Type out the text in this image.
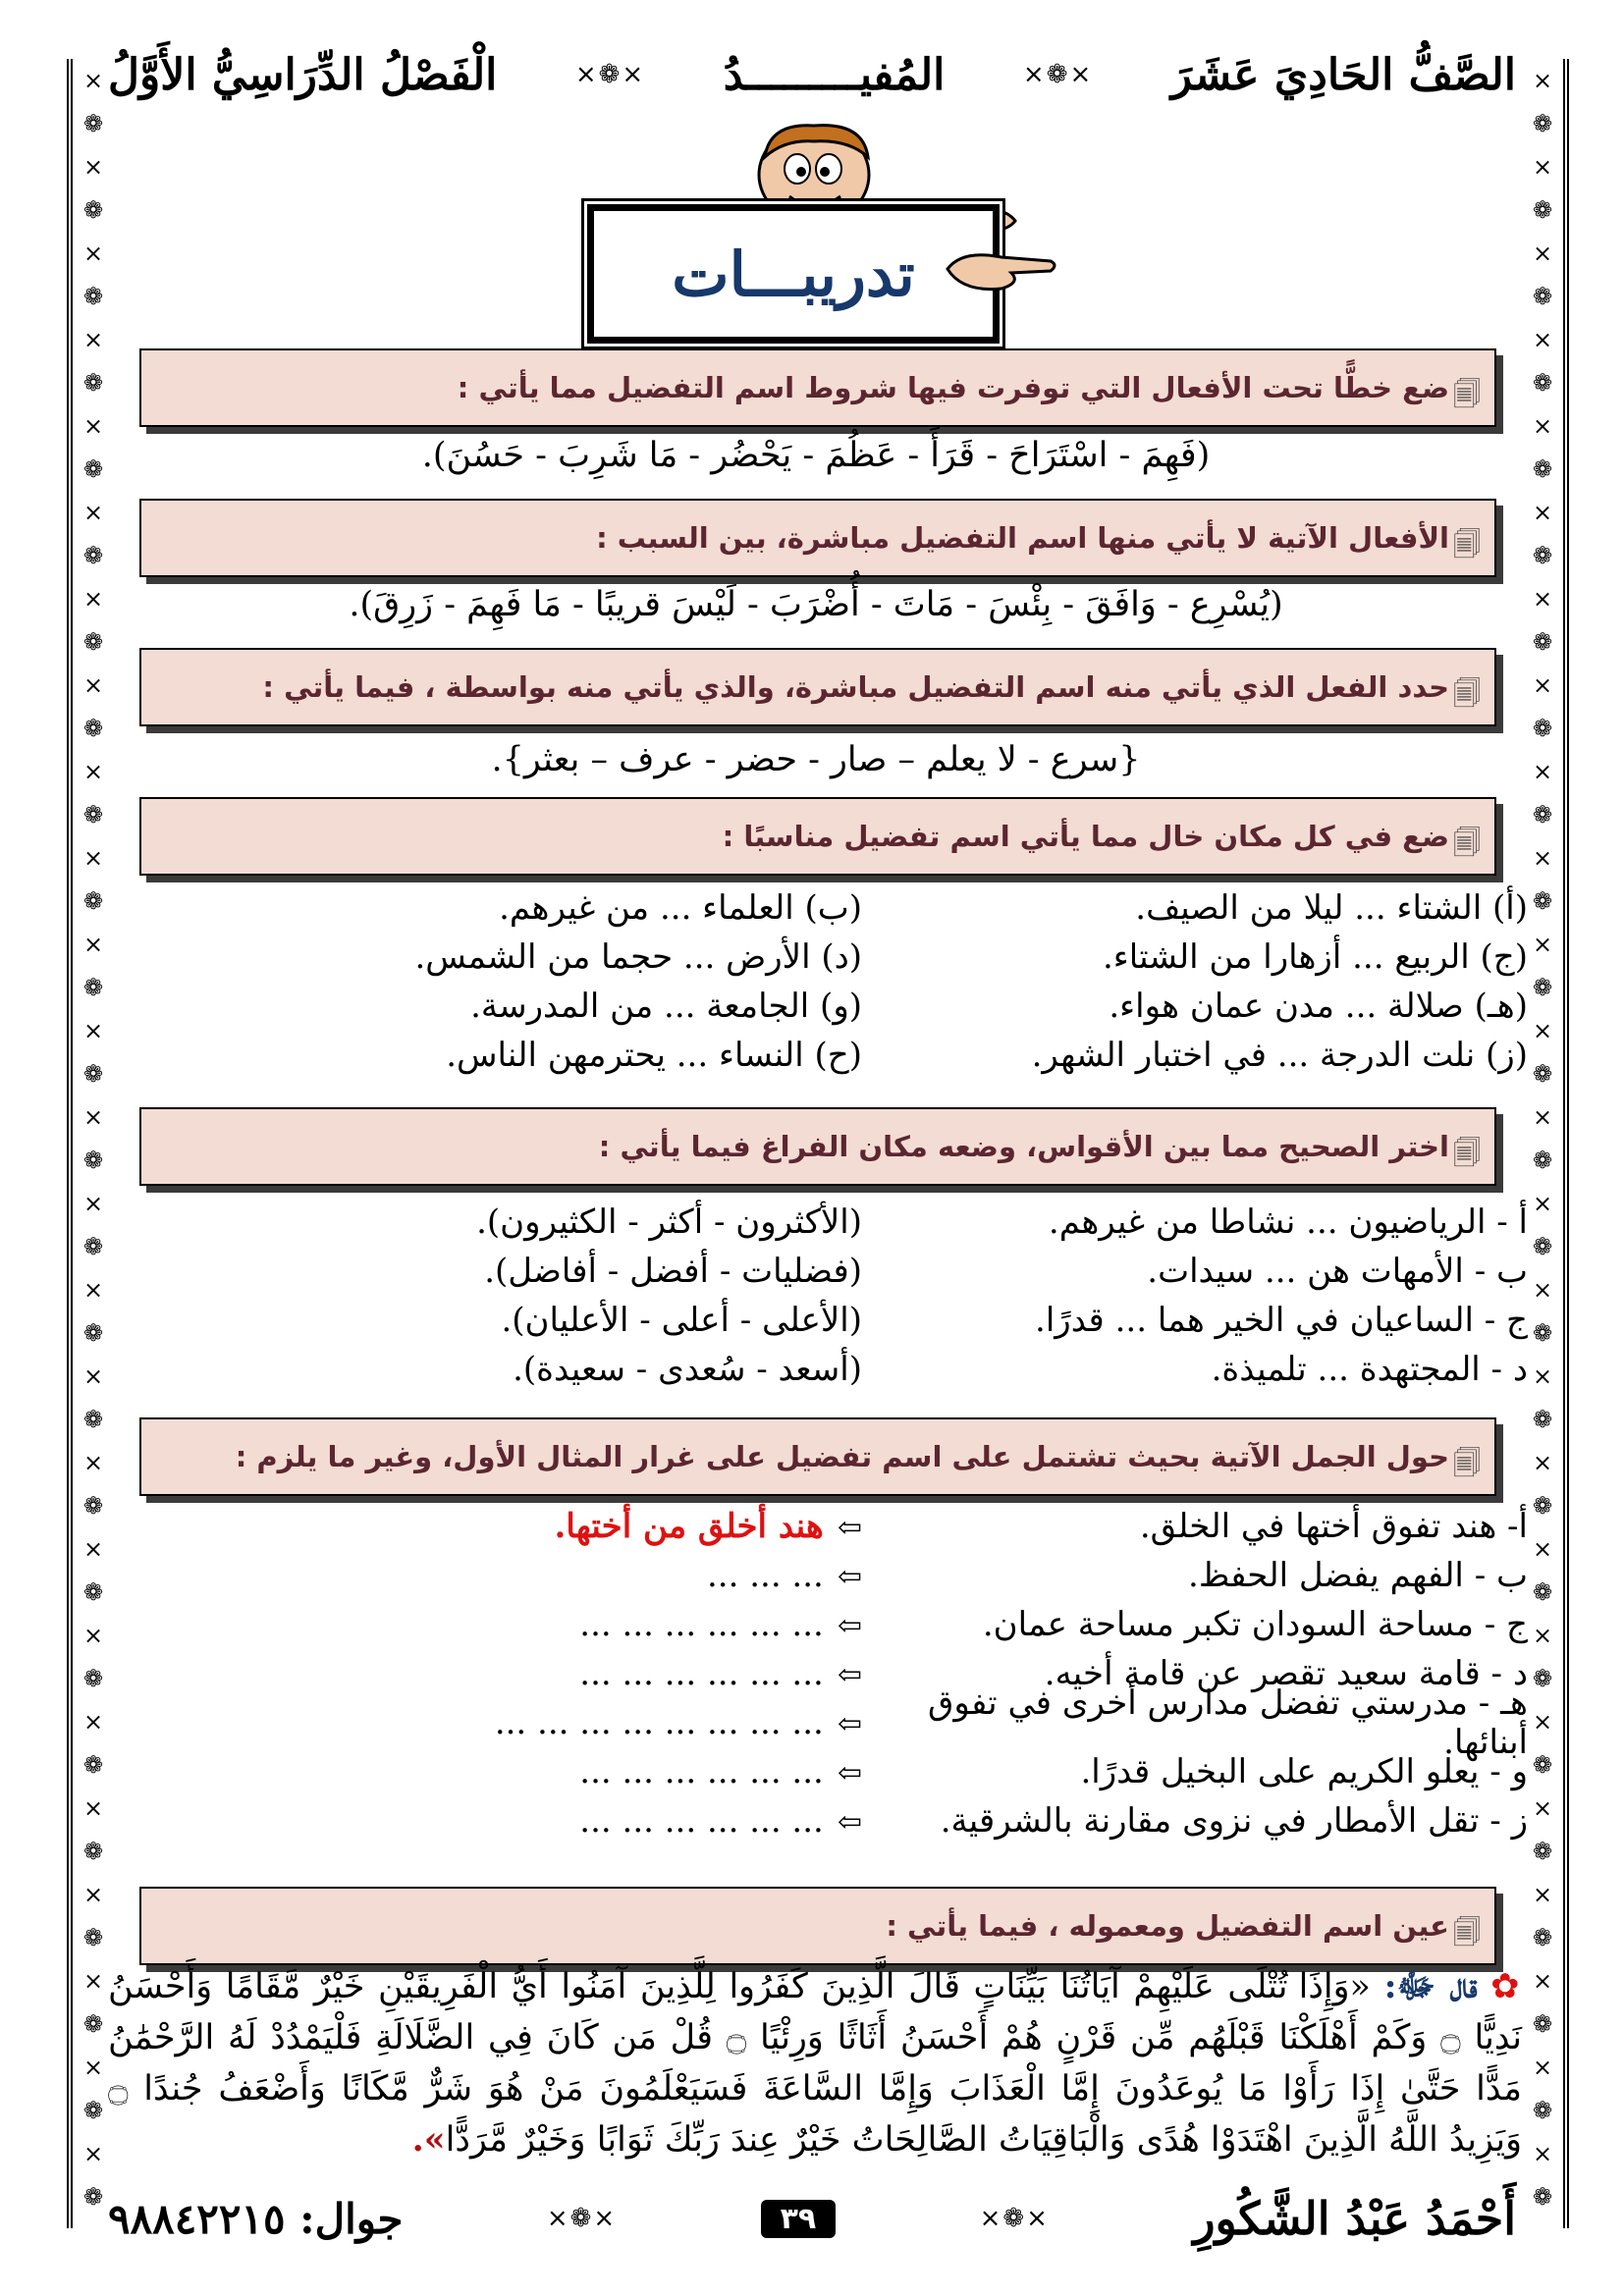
⨯
❁
⨯
❁
⨯
❁
⨯
❁
⨯
❁
⨯
❁
⨯
❁
⨯
❁
⨯
❁
⨯
❁
⨯
❁
⨯
❁
⨯
❁
⨯
❁
⨯
❁
⨯
❁
⨯
❁
⨯
❁
⨯
❁
⨯
❁
⨯
❁
⨯
❁
⨯
❁
⨯
❁
⨯
❁
⨯
❁
⨯
❁
⨯
❁
⨯
❁
⨯
❁
⨯
❁
⨯
❁
⨯
❁
⨯
❁
⨯
❁
⨯
❁
⨯
❁
⨯
❁
⨯
❁
⨯
❁
⨯
❁
⨯
❁
⨯
❁
⨯
❁
⨯
❁
⨯
❁
⨯
❁
⨯
❁
⨯
❁
⨯
❁
الصَّفُّ الحَادِيَ عَشَرَ
⨯❁⨯
المُفيـــــــــدُ
⨯❁⨯
الْفَصْلُ الدِّرَاسِيُّ الأَوَّلُ
تدريبـــات
🗐
ضع خطًّا تحت الأفعال التي توفرت فيها شروط اسم التفضيل مما يأتي :
(فَهِمَ - اسْتَرَاحَ - قَرَأَ - عَظُمَ - يَحْضُر - مَا شَرِبَ - حَسُنَ).
🗐
الأفعال الآتية لا يأتي منها اسم التفضيل مباشرة، بين السبب :
(يُسْرِع - وَافَقَ - بِئْسَ - مَاتَ - أُضْرَبَ - لَيْسَ قريبًا - مَا فَهِمَ - زَرِقَ).
🗐
حدد الفعل الذي يأتي منه اسم التفضيل مباشرة، والذي يأتي منه بواسطة ، فيما يأتي :
{سرع - لا يعلم – صار - حضر - عرف – بعثر}.
🗐
ضع في كل مكان خال مما يأتي اسم تفضيل مناسبًا :
(أ) الشتاء ... ليلا من الصيف.
(ب) العلماء ... من غيرهم.
(ج) الربيع ... أزهارا من الشتاء.
(د) الأرض ... حجما من الشمس.
(هـ) صلالة ... مدن عمان هواء.
(و) الجامعة ... من المدرسة.
(ز) نلت الدرجة ... في اختبار الشهر.
(ح) النساء ... يحترمهن الناس.
🗐
اختر الصحيح مما بين الأقواس، وضعه مكان الفراغ فيما يأتي :
أ - الرياضيون ... نشاطا من غيرهم.
(الأكثرون - أكثر - الكثيرون).
ب - الأمهات هن ... سيدات.
(فضليات - أفضل - أفاضل).
ج - الساعيان في الخير هما ... قدرًا.
(الأعلى - أعلى - الأعليان).
د - المجتهدة ... تلميذة.
(أسعد - سُعدى - سعيدة).
🗐
حول الجمل الآتية بحيث تشتمل على اسم تفضيل على غرار المثال الأول، وغير ما يلزم :
أ- هند تفوق أختها في الخلق.
⇦هند أخلق من أختها.
ب - الفهم يفضل الحفظ.
⇦... ... ...
ج - مساحة السودان تكبر مساحة عمان.
⇦... ... ... ... ... ...
د - قامة سعيد تقصر عن قامة أخيه.
⇦... ... ... ... ... ...
هـ - مدرستي تفضل مدارس أخرى في تفوق أبنائها.
⇦... ... ... ... ... ... ... ...
و - يعلو الكريم على البخيل قدرًا.
⇦... ... ... ... ... ...
ز - تقل الأمطار في نزوى مقارنة بالشرقية.
⇦... ... ... ... ... ...
🗐
عين اسم التفضيل ومعموله ، فيما يأتي :
✿ قال ﷻ: «وَإِذَا تُتْلَى عَلَيْهِمْ آيَاتُنَا بَيِّنَاتٍ قَالَ الَّذِينَ كَفَرُوا لِلَّذِينَ آمَنُوا أَيُّ الْفَرِيقَيْنِ خَيْرٌ مَّقَامًا وَأَحْسَنُ نَدِيًّا ۝ وَكَمْ أَهْلَكْنَا قَبْلَهُم مِّن قَرْنٍ هُمْ أَحْسَنُ أَثَاثًا وَرِئْيًا ۝ قُلْ مَن كَانَ فِي الضَّلَالَةِ فَلْيَمْدُدْ لَهُ الرَّحْمَٰنُ مَدًّا حَتَّىٰ إِذَا رَأَوْا مَا يُوعَدُونَ إِمَّا الْعَذَابَ وَإِمَّا السَّاعَةَ فَسَيَعْلَمُونَ مَنْ هُوَ شَرٌّ مَّكَانًا وَأَضْعَفُ جُندًا ۝ وَيَزِيدُ اللَّهُ الَّذِينَ اهْتَدَوْا هُدًى وَالْبَاقِيَاتُ الصَّالِحَاتُ خَيْرٌ عِندَ رَبِّكَ ثَوَابًا وَخَيْرٌ مَّرَدًّا».
أَحْمَدُ عَبْدُ الشَّكُورِ
⨯❁⨯
٣٩
⨯❁⨯
جوال: ٩٨٨٤٢٢١٥
